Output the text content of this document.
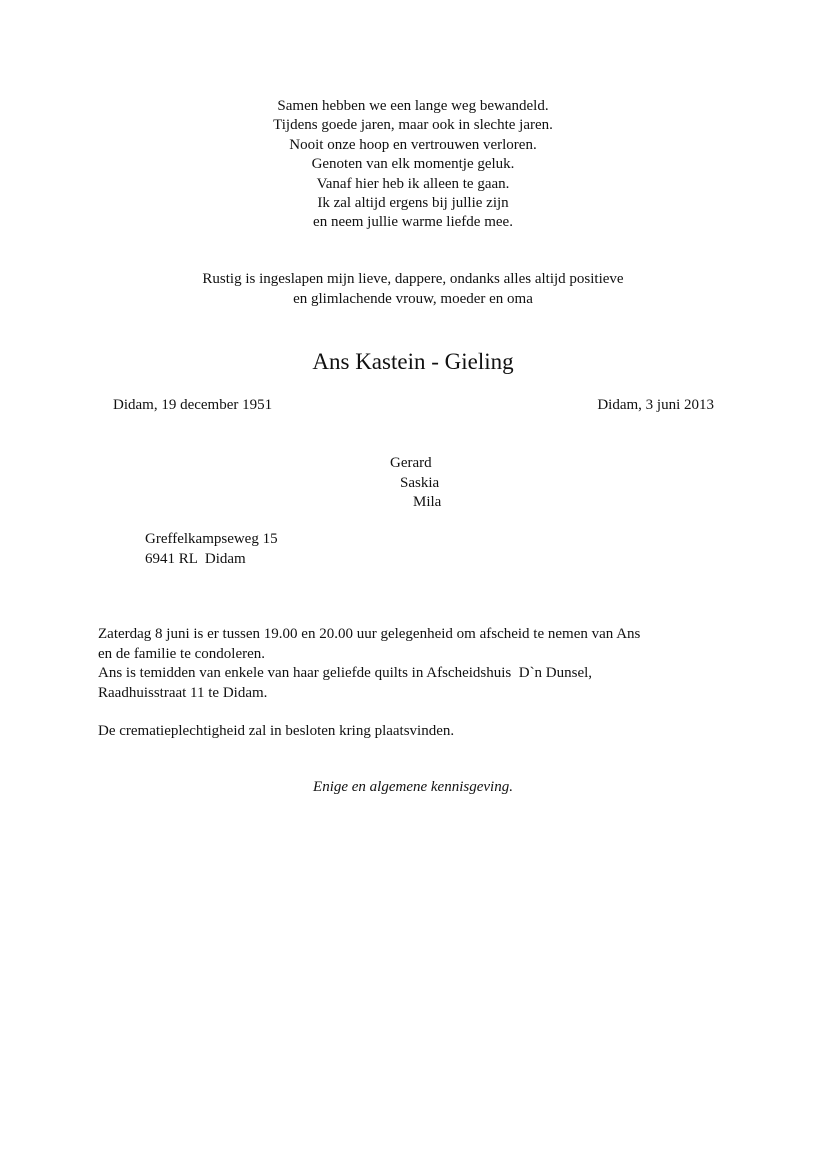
Samen hebben we een lange weg bewandeld.
Tijdens goede jaren, maar ook in slechte jaren.
Nooit onze hoop en vertrouwen verloren.
Genoten van elk momentje geluk.
Vanaf hier heb ik alleen te gaan.
Ik zal altijd ergens bij jullie zijn
en neem jullie warme liefde mee.
Rustig is ingeslapen mijn lieve, dappere, ondanks alles altijd positieve
en glimlachende vrouw, moeder en oma
Ans Kastein - Gieling
Didam, 19 december 1951	Didam, 3 juni 2013
Gerard
Saskia
Mila
Greffelkampseweg 15
6941 RL  Didam

Zaterdag 8 juni is er tussen 19.00 en 20.00 uur gelegenheid om afscheid te nemen van Ans

en de familie te condoleren.

Ans is temidden van enkele van haar geliefde quilts in Afscheidshuis  D`n Dunsel,

Raadhuisstraat 11 te Didam.

De crematieplechtigheid zal in besloten kring plaatsvinden.
Enige en algemene kennisgeving.
